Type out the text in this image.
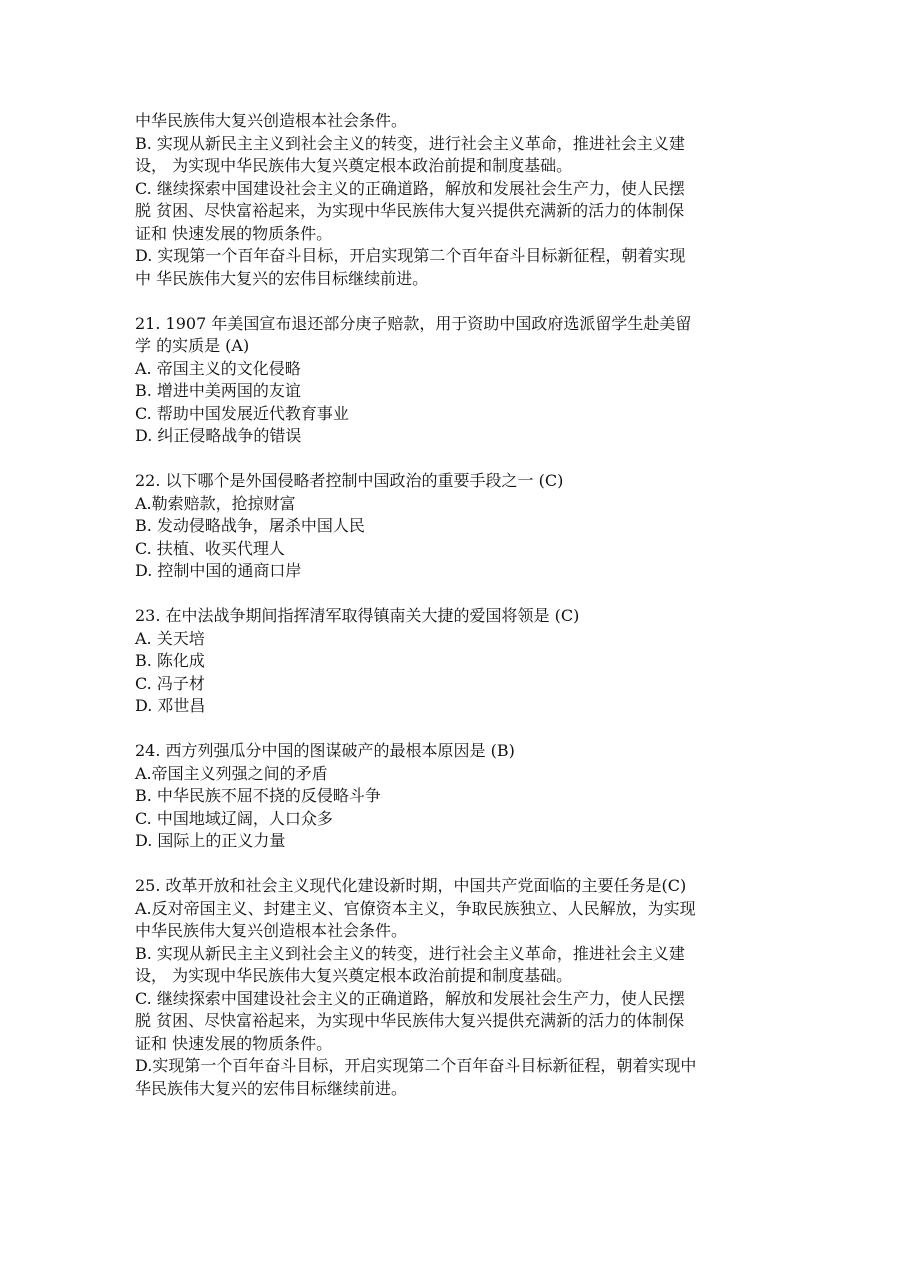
中华民族伟大复兴创造根本社会条件。
B. 实现从新民主主义到社会主义的转变，进行社会主义革命，推进社会主义建
设， 为实现中华民族伟大复兴奠定根本政治前提和制度基础。
C. 继续探索中国建设社会主义的正确道路，解放和发展社会生产力，使人民摆
脱 贫困、尽快富裕起来，为实现中华民族伟大复兴提供充满新的活力的体制保
证和 快速发展的物质条件。
D. 实现第一个百年奋斗目标，开启实现第二个百年奋斗目标新征程，朝着实现
中 华民族伟大复兴的宏伟目标继续前进。
21. 1907 年美国宣布退还部分庚子赔款，用于资助中国政府选派留学生赴美留
学 的实质是 (A)
A. 帝国主义的文化侵略
B. 增进中美两国的友谊
C. 帮助中国发展近代教育事业
D. 纠正侵略战争的错误
22. 以下哪个是外国侵略者控制中国政治的重要手段之一 (C)
A.勒索赔款，抢掠财富
B. 发动侵略战争，屠杀中国人民
C. 扶植、收买代理人
D. 控制中国的通商口岸
23. 在中法战争期间指挥清军取得镇南关大捷的爱国将领是 (C)
A. 关天培
B. 陈化成
C. 冯子材
D. 邓世昌
24. 西方列强瓜分中国的图谋破产的最根本原因是 (B)
A.帝国主义列强之间的矛盾
B. 中华民族不屈不挠的反侵略斗争
C. 中国地域辽阔，人口众多
D. 国际上的正义力量
25. 改革开放和社会主义现代化建设新时期，中国共产党面临的主要任务是(C)
A.反对帝国主义、封建主义、官僚资本主义，争取民族独立、人民解放，为实现
中华民族伟大复兴创造根本社会条件。
B. 实现从新民主主义到社会主义的转变，进行社会主义革命，推进社会主义建
设， 为实现中华民族伟大复兴奠定根本政治前提和制度基础。
C. 继续探索中国建设社会主义的正确道路，解放和发展社会生产力，使人民摆
脱 贫困、尽快富裕起来，为实现中华民族伟大复兴提供充满新的活力的体制保
证和 快速发展的物质条件。
D.实现第一个百年奋斗目标，开启实现第二个百年奋斗目标新征程，朝着实现中
华民族伟大复兴的宏伟目标继续前进。
